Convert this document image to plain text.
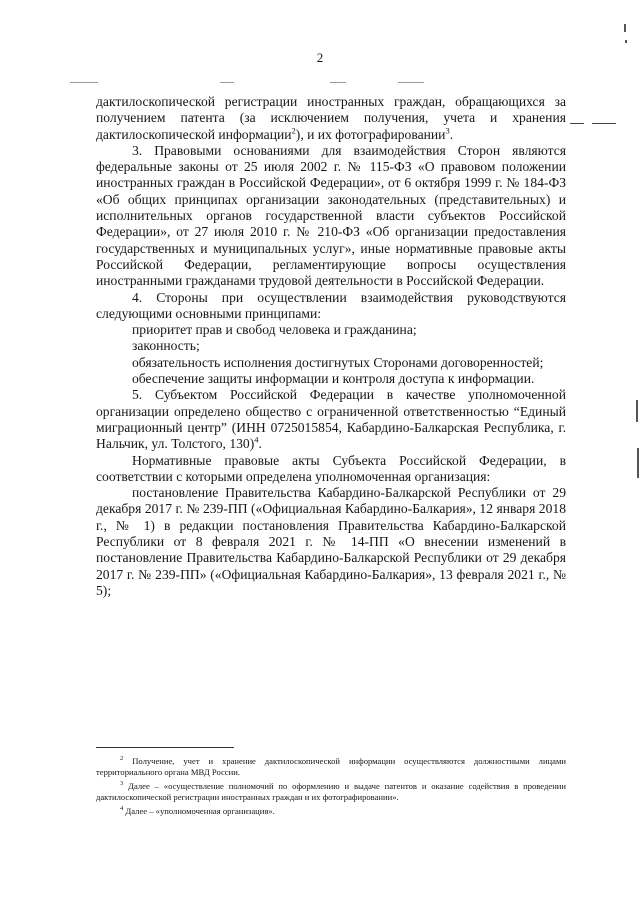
2

дактилоскопической регистрации иностранных граждан, обращающихся за получением патента (за исключением получения, учета и хранения дактилоскопической информации$^2$), и их фотографировании$^3$.

3. Правовыми основаниями для взаимодействия Сторон являются федеральные законы от 25 июля 2002 г. № 115-ФЗ «О правовом положении иностранных граждан в Российской Федерации», от 6 октября 1999 г. № 184-ФЗ «Об общих принципах организации законодательных (представительных) и исполнительных органов государственной власти субъектов Российской Федерации», от 27 июля 2010 г. № 210-ФЗ «Об организации предоставления государственных и муниципальных услуг», иные нормативные правовые акты Российской Федерации, регламентирующие вопросы осуществления иностранными гражданами трудовой деятельности в Российской Федерации.

4. Стороны при осуществлении взаимодействия руководствуются следующими основными принципами:

приоритет прав и свобод человека и гражданина;

законность;

обязательность исполнения достигнутых Сторонами договоренностей;

обеспечение защиты информации и контроля доступа к информации.

5. Субъектом Российской Федерации в качестве уполномоченной организации определено общество с ограниченной ответственностью “Единый миграционный центр” (ИНН 0725015854, Кабардино-Балкарская Республика, г. Нальчик, ул. Толстого, 130)$^4$.

Нормативные правовые акты Субъекта Российской Федерации, в соответствии с которыми определена уполномоченная организация:

постановление Правительства Кабардино-Балкарской Республики от 29 декабря 2017 г. № 239-ПП («Официальная Кабардино-Балкария», 12 января 2018 г., № 1) в редакции постановления Правительства Кабардино-Балкарской Республики от 8 февраля 2021 г. № 14-ПП «О внесении изменений в постановление Правительства Кабардино-Балкарской Республики от 29 декабря 2017 г. № 239-ПП» («Официальная Кабардино-Балкария», 13 февраля 2021 г., № 5);

$^2$ Получение, учет и хранение дактилоскопической информации осуществляются должностными лицами территориального органа МВД России.

$^3$ Далее – «осуществление полномочий по оформлению и выдаче патентов и оказание содействия в проведении дактилоскопической регистрации иностранных граждан и их фотографировании».

$^4$ Далее – «уполномоченная организация».
